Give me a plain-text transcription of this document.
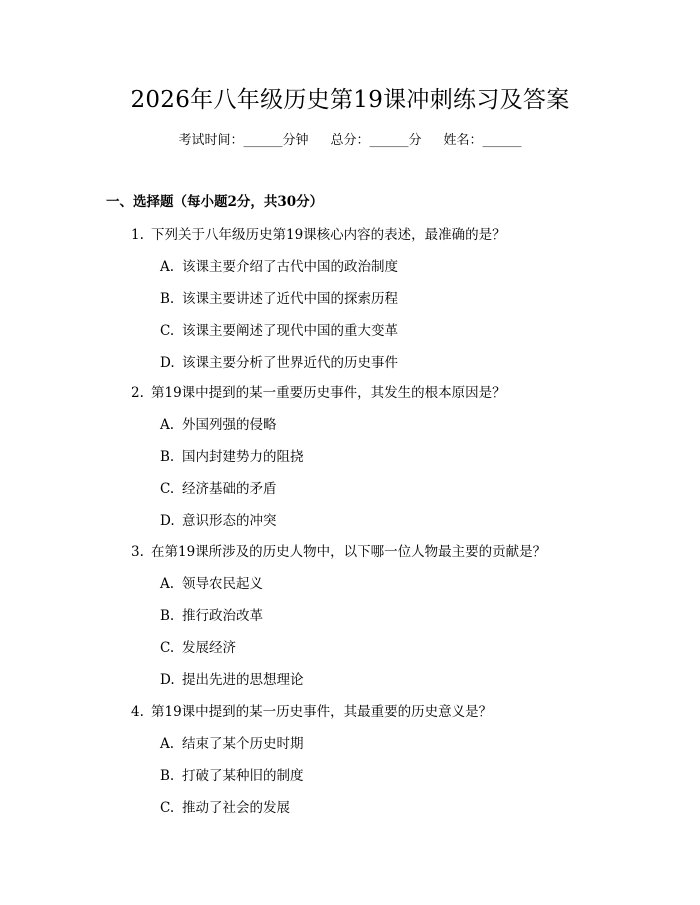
2026年八年级历史第19课冲刺练习及答案
考试时间：______分钟 总分：______分 姓名：______
一、选择题（每小题2分，共30分）
1. 下列关于八年级历史第19课核心内容的表述，最准确的是？
A. 该课主要介绍了古代中国的政治制度
B. 该课主要讲述了近代中国的探索历程
C. 该课主要阐述了现代中国的重大变革
D. 该课主要分析了世界近代的历史事件
2. 第19课中提到的某一重要历史事件，其发生的根本原因是？
A. 外国列强的侵略
B. 国内封建势力的阻挠
C. 经济基础的矛盾
D. 意识形态的冲突
3. 在第19课所涉及的历史人物中，以下哪一位人物最主要的贡献是？
A. 领导农民起义
B. 推行政治改革
C. 发展经济
D. 提出先进的思想理论
4. 第19课中提到的某一历史事件，其最重要的历史意义是？
A. 结束了某个历史时期
B. 打破了某种旧的制度
C. 推动了社会的发展
